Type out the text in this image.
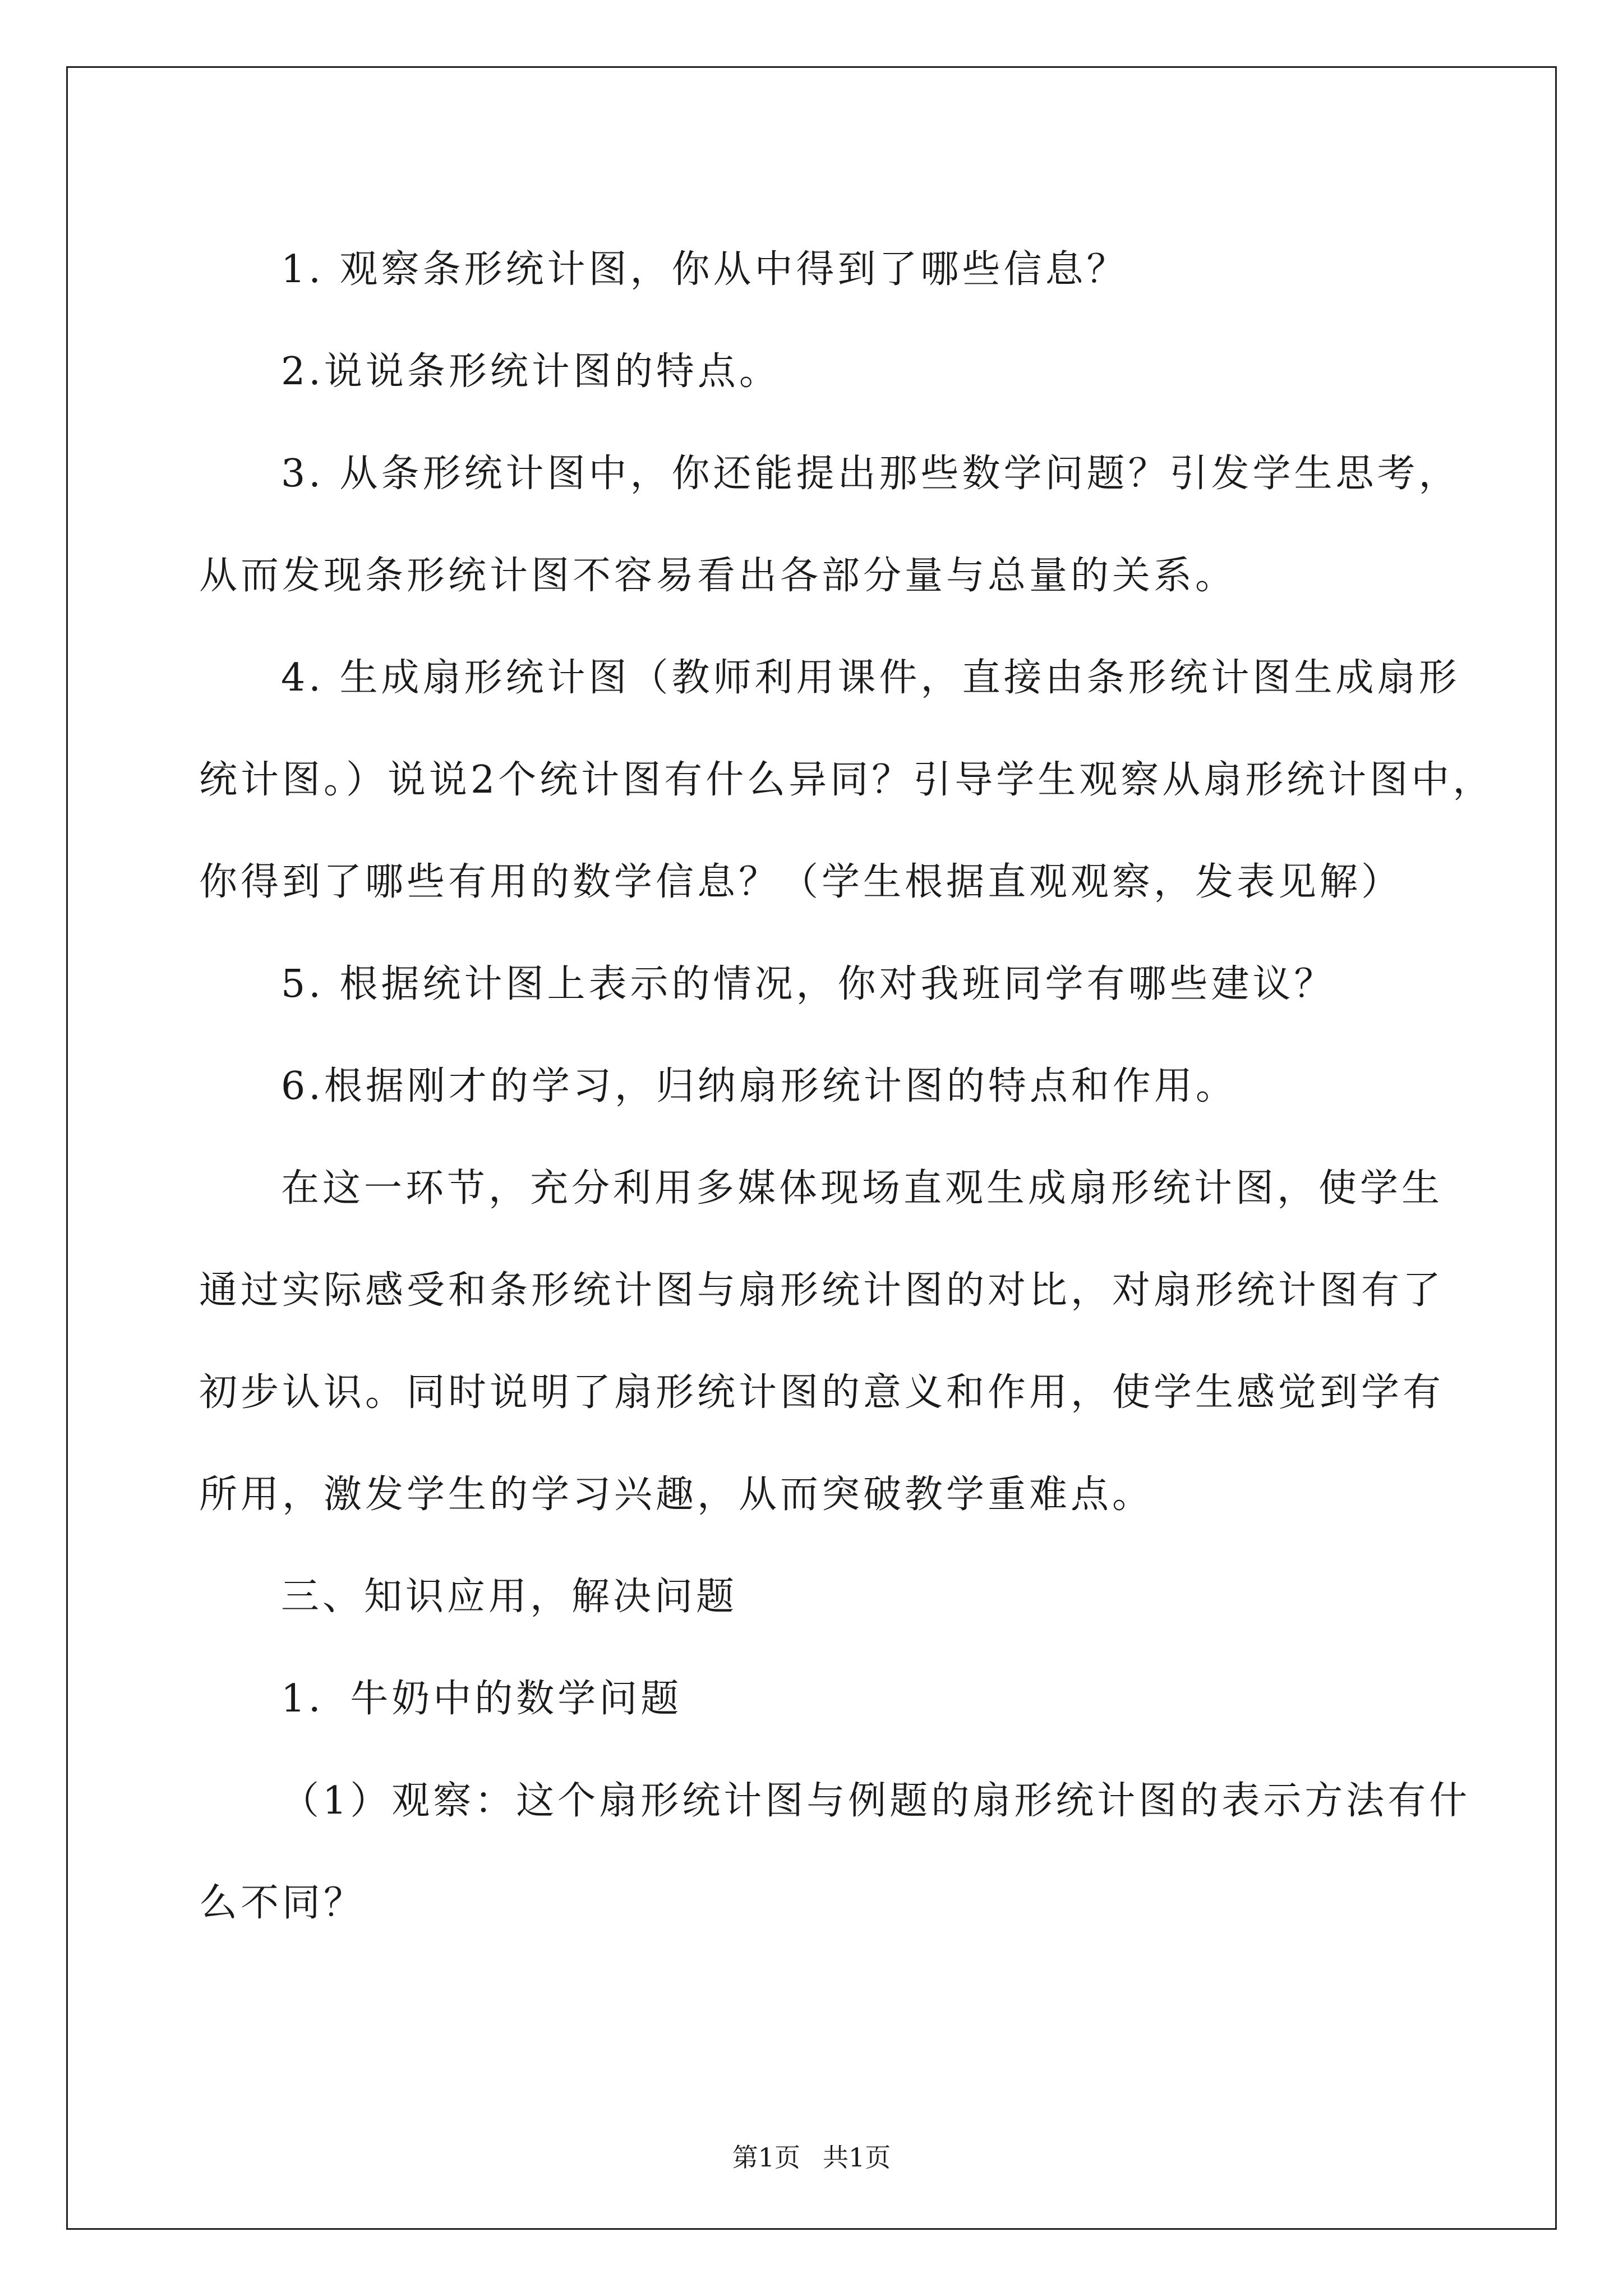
1. 观察条形统计图，你从中得到了哪些信息？

2.说说条形统计图的特点。

3. 从条形统计图中，你还能提出那些数学问题？引发学生思考，

从而发现条形统计图不容易看出各部分量与总量的关系。

4. 生成扇形统计图（教师利用课件，直接由条形统计图生成扇形

统计图。）说说2个统计图有什么异同？引导学生观察从扇形统计图中，

你得到了哪些有用的数学信息？（学生根据直观观察，发表见解）

5. 根据统计图上表示的情况，你对我班同学有哪些建议？

6.根据刚才的学习，归纳扇形统计图的特点和作用。

在这一环节，充分利用多媒体现场直观生成扇形统计图，使学生

通过实际感受和条形统计图与扇形统计图的对比，对扇形统计图有了

初步认识。同时说明了扇形统计图的意义和作用，使学生感觉到学有

所用，激发学生的学习兴趣，从而突破教学重难点。

三、知识应用，解决问题

1．牛奶中的数学问题

（1）观察：这个扇形统计图与例题的扇形统计图的表示方法有什

么不同？

第1页 共1页
